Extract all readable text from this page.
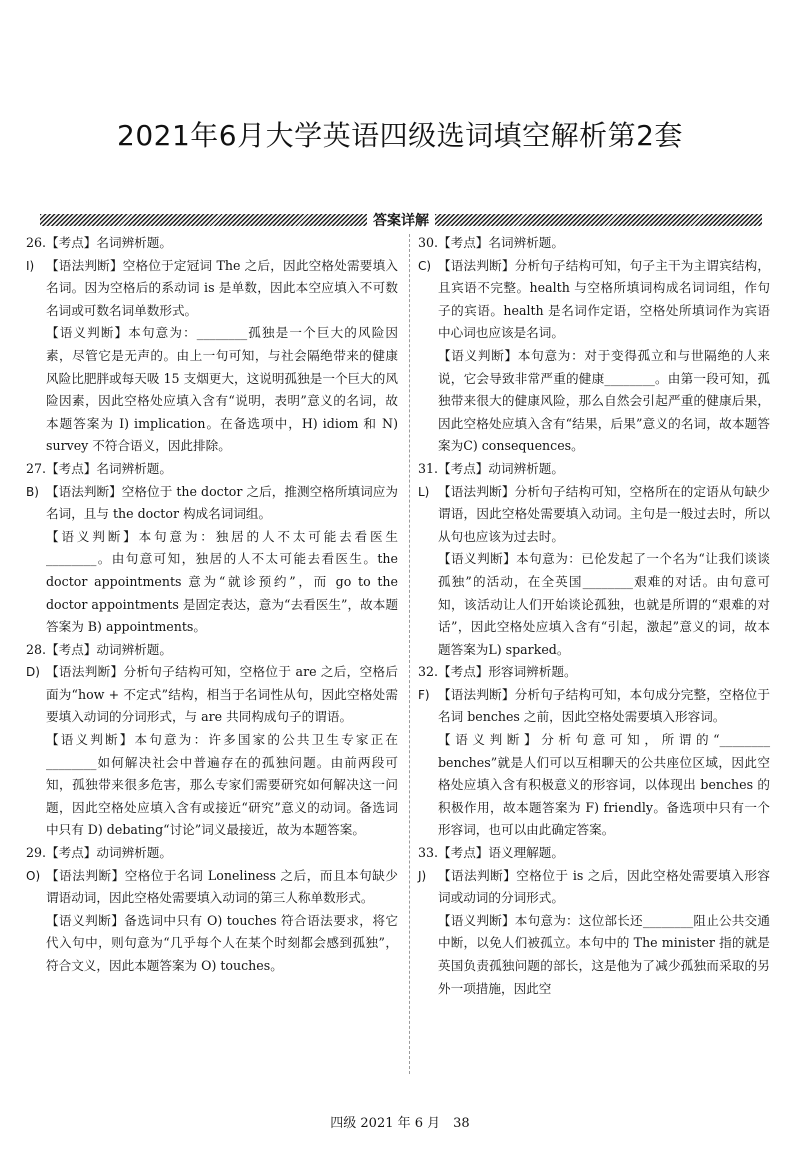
2021年6月大学英语四级选词填空解析第2套
答案详解
26.【考点】名词辨析题。
I) 【语法判断】空格位于定冠词 The 之后，因此空格处需要填入名词。因为空格后的系动词 is 是单数，因此本空应填入不可数名词或可数名词单数形式。
【语义判断】本句意为：________孤独是一个巨大的风险因素，尽管它是无声的。由上一句可知，与社会隔绝带来的健康风险比肥胖或每天吸 15 支烟更大，这说明孤独是一个巨大的风险因素，因此空格处应填入含有“说明，表明”意义的名词，故本题答案为 I) implication。在备选项中，H) idiom 和 N) survey 不符合语义，因此排除。
27.【考点】名词辨析题。
B) 【语法判断】空格位于 the doctor 之后，推测空格所填词应为名词，且与 the doctor 构成名词词组。
【语义判断】本句意为：独居的人不太可能去看医生________。由句意可知，独居的人不太可能去看医生。the doctor appointments 意为“就诊预约”，而 go to the doctor appointments 是固定表达，意为“去看医生”，故本题答案为 B) appointments。
28.【考点】动词辨析题。
D) 【语法判断】分析句子结构可知，空格位于 are 之后，空格后面为“how + 不定式”结构，相当于名词性从句，因此空格处需要填入动词的分词形式，与 are 共同构成句子的谓语。
【语义判断】本句意为：许多国家的公共卫生专家正在________如何解决社会中普遍存在的孤独问题。由前两段可知，孤独带来很多危害，那么专家们需要研究如何解决这一问题，因此空格处应填入含有或接近“研究”意义的动词。备选词中只有 D) debating“讨论”词义最接近，故为本题答案。
29.【考点】动词辨析题。
O) 【语法判断】空格位于名词 Loneliness 之后，而且本句缺少谓语动词，因此空格处需要填入动词的第三人称单数形式。
【语义判断】备选词中只有 O) touches 符合语法要求，将它代入句中，则句意为“几乎每个人在某个时刻都会感到孤独”，符合文义，因此本题答案为 O) touches。
30.【考点】名词辨析题。
C) 【语法判断】分析句子结构可知，句子主干为主谓宾结构，且宾语不完整。health 与空格所填词构成名词词组，作句子的宾语。health 是名词作定语，空格处所填词作为宾语中心词也应该是名词。
【语义判断】本句意为：对于变得孤立和与世隔绝的人来说，它会导致非常严重的健康________。由第一段可知，孤独带来很大的健康风险，那么自然会引起严重的健康后果，因此空格处应填入含有“结果，后果”意义的名词，故本题答案为C) consequences。
31.【考点】动词辨析题。
L) 【语法判断】分析句子结构可知，空格所在的定语从句缺少谓语，因此空格处需要填入动词。主句是一般过去时，所以从句也应该为过去时。
【语义判断】本句意为：已伦发起了一个名为“让我们谈谈孤独”的活动，在全英国________艰难的对话。由句意可知，该活动让人们开始谈论孤独，也就是所谓的“艰难的对话”，因此空格处应填入含有“引起，激起”意义的词，故本题答案为L) sparked。
32.【考点】形容词辨析题。
F) 【语法判断】分析句子结构可知，本句成分完整，空格位于名词 benches 之前，因此空格处需要填入形容词。
【语义判断】分析句意可知，所谓的“________ benches”就是人们可以互相聊天的公共座位区域，因此空格处应填入含有积极意义的形容词，以体现出 benches 的积极作用，故本题答案为 F) friendly。备选项中只有一个形容词，也可以由此确定答案。
33.【考点】语义理解题。
J) 【语法判断】空格位于 is 之后，因此空格处需要填入形容词或动词的分词形式。
【语义判断】本句意为：这位部长还________阻止公共交通中断，以免人们被孤立。本句中的 The minister 指的就是英国负责孤独问题的部长，这是他为了减少孤独而采取的另外一项措施，因此空
四级 2021 年 6 月　38
